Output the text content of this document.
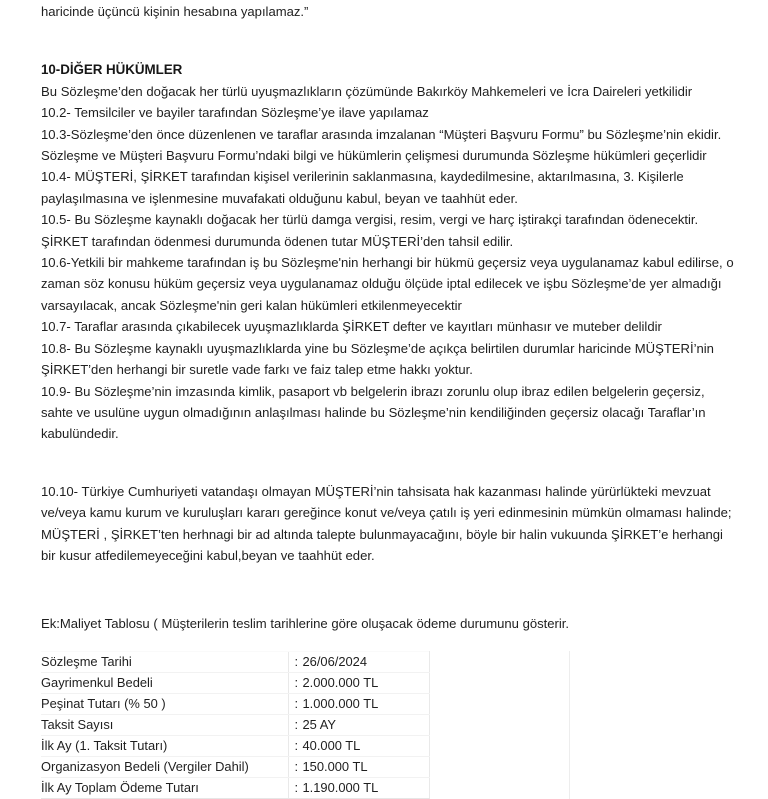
haricinde üçüncü kişinin hesabına yapılamaz.”

10-DİĞER HÜKÜMLER

Bu Sözleşme’den doğacak her türlü uyuşmazlıkların çözümünde Bakırköy Mahkemeleri ve İcra Daireleri yetkilidir

10.2- Temsilciler ve bayiler tarafından Sözleşme’ye ilave yapılamaz

10.3-Sözleşme’den önce düzenlenen ve taraflar arasında imzalanan “Müşteri Başvuru Formu” bu Sözleşme’nin ekidir. Sözleşme ve Müşteri Başvuru Formu’ndaki bilgi ve hükümlerin çelişmesi durumunda Sözleşme hükümleri geçerlidir

10.4- MÜŞTERİ, ŞİRKET tarafından kişisel verilerinin saklanmasına, kaydedilmesine, aktarılmasına, 3. Kişilerle paylaşılmasına ve işlenmesine muvafakati olduğunu kabul, beyan ve taahhüt eder.

10.5- Bu Sözleşme kaynaklı doğacak her türlü damga vergisi, resim, vergi ve harç iştirakçi tarafından ödenecektir. ŞİRKET tarafından ödenmesi durumunda ödenen tutar MÜŞTERİ’den tahsil edilir.

10.6-Yetkili bir mahkeme tarafından iş bu Sözleşme'nin herhangi bir hükmü geçersiz veya uygulanamaz kabul edilirse, o zaman söz konusu hüküm geçersiz veya uygulanamaz olduğu ölçüde iptal edilecek ve işbu Sözleşme’de yer almadığı varsayılacak, ancak Sözleşme'nin geri kalan hükümleri etkilenmeyecektir

10.7- Taraflar arasında çıkabilecek uyuşmazlıklarda ŞİRKET defter ve kayıtları münhasır ve muteber delildir

10.8- Bu Sözleşme kaynaklı uyuşmazlıklarda yine bu Sözleşme’de açıkça belirtilen durumlar haricinde MÜŞTERİ’nin ŞİRKET’den herhangi bir suretle vade farkı ve faiz talep etme hakkı yoktur.

10.9- Bu Sözleşme’nin imzasında kimlik, pasaport vb belgelerin ibrazı zorunlu olup ibraz edilen belgelerin geçersiz, sahte ve usulüne uygun olmadığının anlaşılması halinde bu Sözleşme’nin kendiliğinden geçersiz olacağı Taraflar’ın kabulündedir.

10.10- Türkiye Cumhuriyeti vatandaşı olmayan MÜŞTERİ’nin tahsisata hak kazanması halinde yürürlükteki mevzuat ve/veya kamu kurum ve kuruluşları kararı gereğince konut ve/veya çatılı iş yeri edinmesinin mümkün olmaması halinde; MÜŞTERİ , ŞİRKET’ten herhnagi bir ad altında talepte bulunmayacağını, böyle bir halin vukuunda ŞİRKET’e herhangi bir kusur atfedilemeyeceğini kabul,beyan ve taahhüt eder.

Ek:Maliyet Tablosu ( Müşterilerin teslim tarihlerine göre oluşacak ödeme durumunu gösterir.

Sözleşme Tarihi	: 26/06/2024
Gayrimenkul Bedeli	: 2.000.000 TL
Peşinat Tutarı (% 50 )	: 1.000.000 TL
Taksit Sayısı	: 25 AY
İlk Ay (1. Taksit Tutarı)	: 40.000 TL
Organizasyon Bedeli (Vergiler Dahil)	: 150.000 TL
İlk Ay Toplam Ödeme Tutarı	: 1.190.000 TL
